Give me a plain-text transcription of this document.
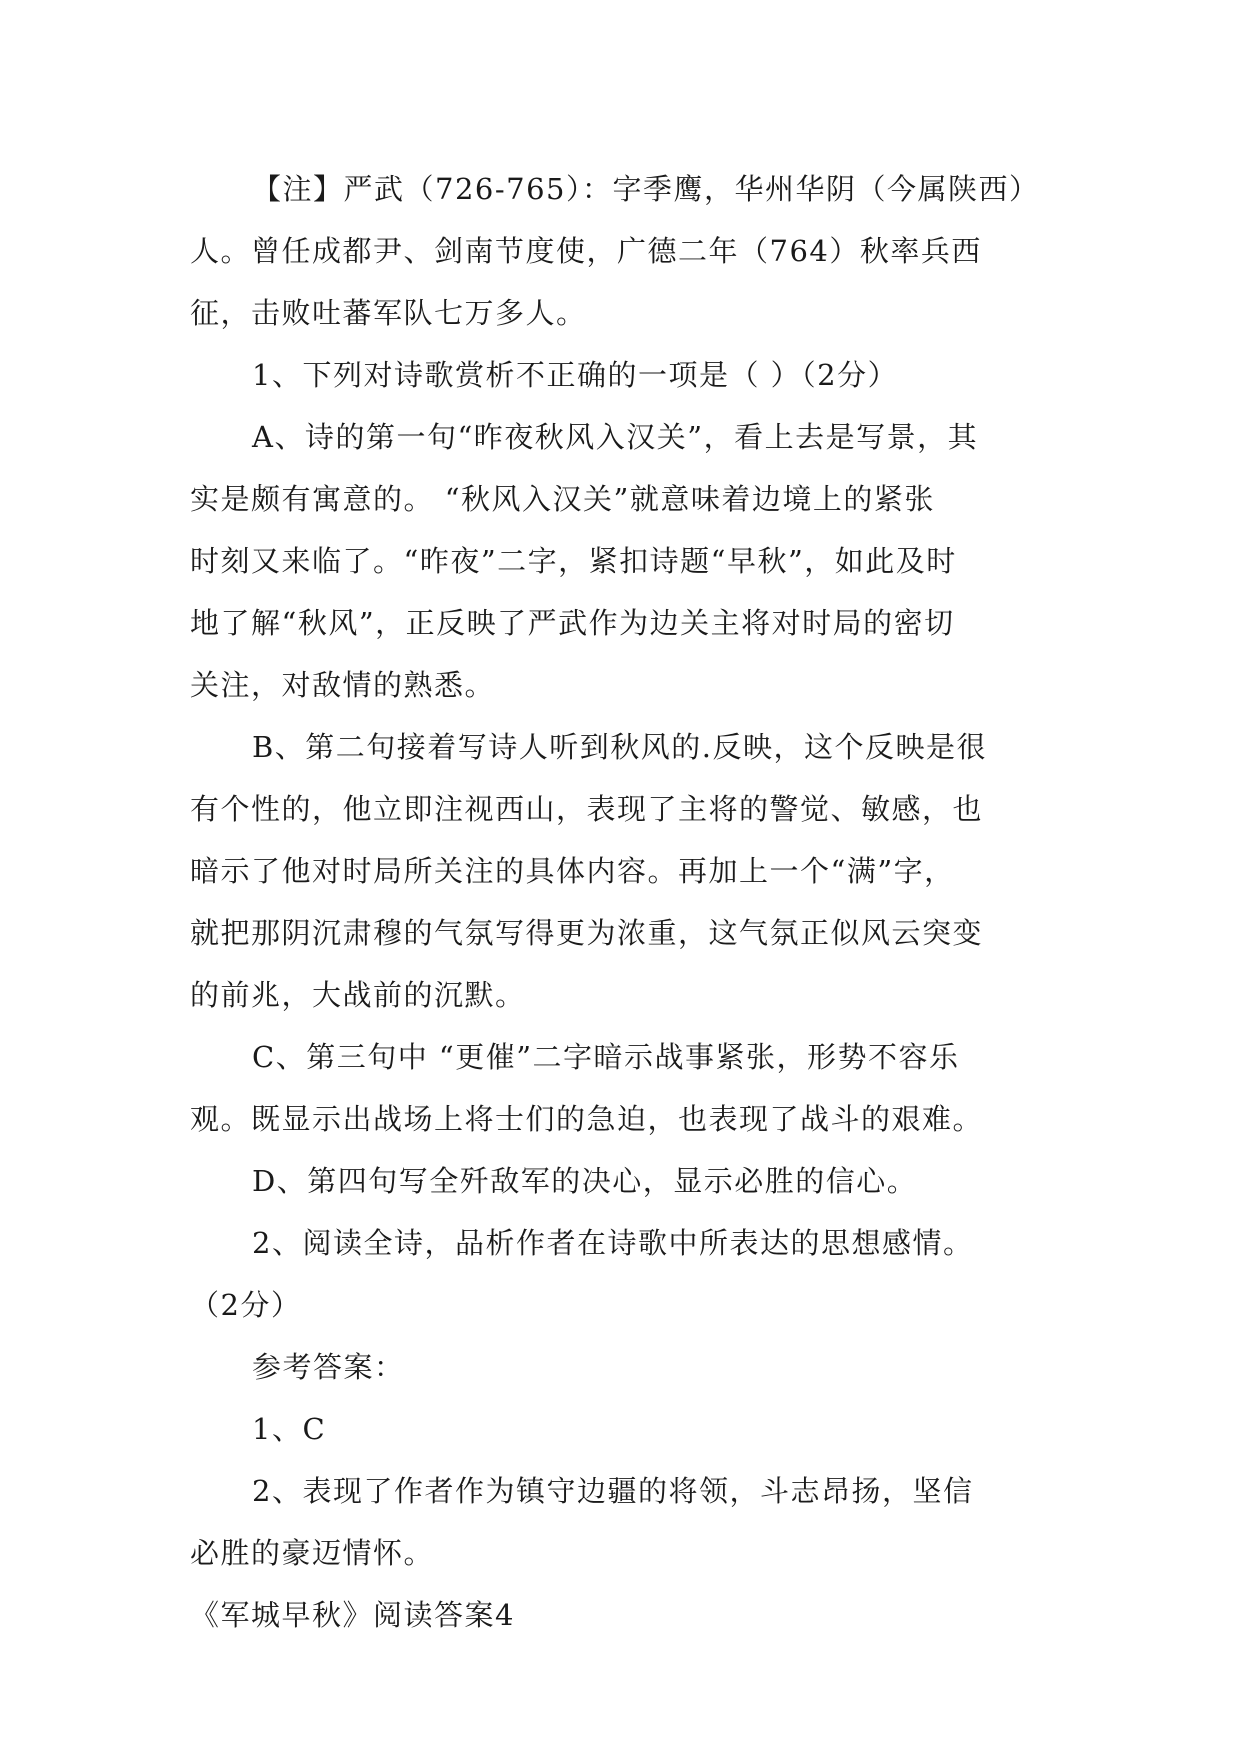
【注】严武（726-765）：字季鹰，华州华阴（今属陕西）
人。曾任成都尹、剑南节度使，广德二年（764）秋率兵西
征，击败吐蕃军队七万多人。
1、下列对诗歌赏析不正确的一项是（ ）（2分）
A、诗的第一句“昨夜秋风入汉关”，看上去是写景，其
实是颇有寓意的。 “秋风入汉关”就意味着边境上的紧张
时刻又来临了。“昨夜”二字，紧扣诗题“早秋”，如此及时
地了解“秋风”，正反映了严武作为边关主将对时局的密切
关注，对敌情的熟悉。
B、第二句接着写诗人听到秋风的.反映，这个反映是很
有个性的，他立即注视西山，表现了主将的警觉、敏感，也
暗示了他对时局所关注的具体内容。再加上一个“满”字，
就把那阴沉肃穆的气氛写得更为浓重，这气氛正似风云突变
的前兆，大战前的沉默。
C、第三句中 “更催”二字暗示战事紧张，形势不容乐
观。既显示出战场上将士们的急迫，也表现了战斗的艰难。
D、第四句写全歼敌军的决心，显示必胜的信心。
2、阅读全诗，品析作者在诗歌中所表达的思想感情。
（2分）
参考答案：
1、C
2、表现了作者作为镇守边疆的将领，斗志昂扬，坚信
必胜的豪迈情怀。
《军城早秋》阅读答案4
